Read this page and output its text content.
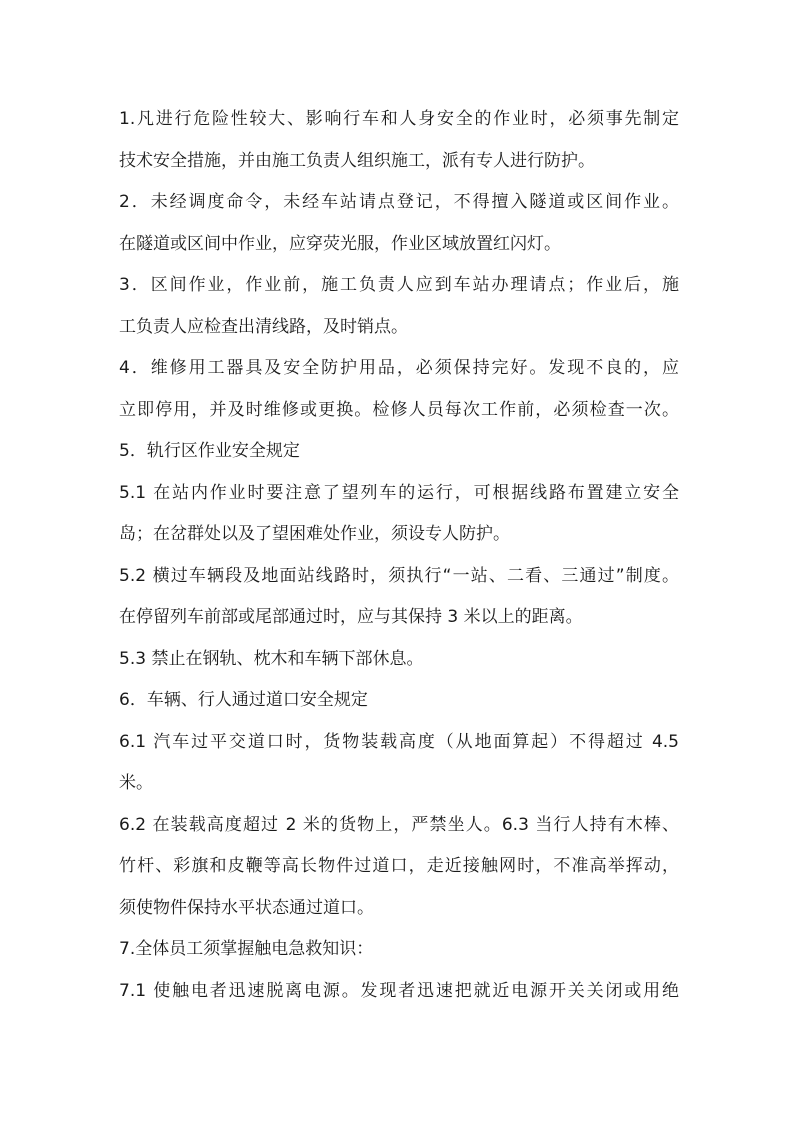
1.凡进行危险性较大、影响行车和人身安全的作业时，必须事先制定
技术安全措施，并由施工负责人组织施工，派有专人进行防护。
2．未经调度命令，未经车站请点登记，不得擅入隧道或区间作业。
在隧道或区间中作业，应穿荧光服，作业区域放置红闪灯。
3．区间作业，作业前，施工负责人应到车站办理请点；作业后，施
工负责人应检查出清线路，及时销点。
4．维修用工器具及安全防护用品，必须保持完好。发现不良的，应
立即停用，并及时维修或更换。检修人员每次工作前，必须检查一次。
5．轨行区作业安全规定
5.1 在站内作业时要注意了望列车的运行，可根据线路布置建立安全
岛；在岔群处以及了望困难处作业，须设专人防护。
5.2 横过车辆段及地面站线路时，须执行“一站、二看、三通过”制度。
在停留列车前部或尾部通过时，应与其保持 3 米以上的距离。
5.3 禁止在钢轨、枕木和车辆下部休息。
6．车辆、行人通过道口安全规定
6.1 汽车过平交道口时，货物装载高度（从地面算起）不得超过 4.5
米。
6.2 在装载高度超过 2 米的货物上，严禁坐人。6.3 当行人持有木棒、
竹杆、彩旗和皮鞭等高长物件过道口，走近接触网时，不准高举挥动，
须使物件保持水平状态通过道口。
7.全体员工须掌握触电急救知识：
7.1 使触电者迅速脱离电源。发现者迅速把就近电源开关关闭或用绝
